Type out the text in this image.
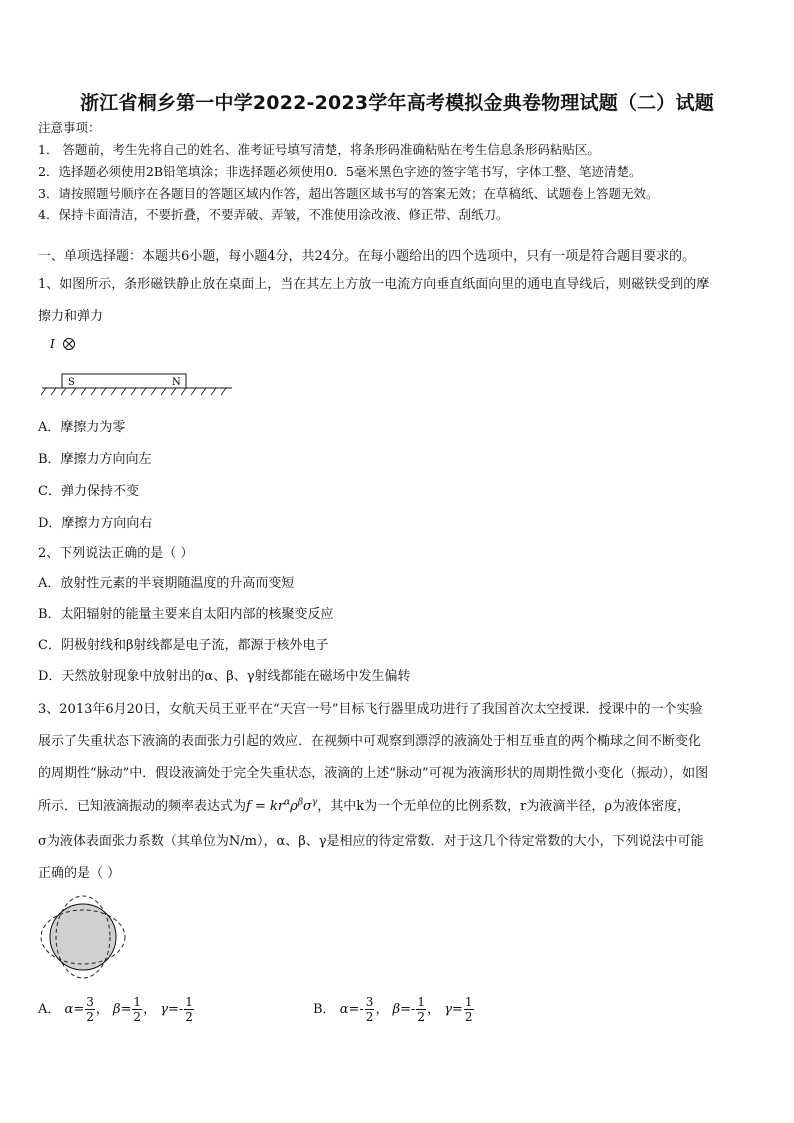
浙江省桐乡第一中学2022-2023学年高考模拟金典卷物理试题（二）试题
注意事项：
1． 答题前，考生先将自己的姓名、准考证号填写清楚，将条形码准确粘贴在考生信息条形码粘贴区。
2．选择题必须使用2B铅笔填涂；非选择题必须使用0．5毫米黑色字迹的签字笔书写，字体工整、笔迹清楚。
3．请按照题号顺序在各题目的答题区域内作答，超出答题区域书写的答案无效；在草稿纸、试题卷上答题无效。
4．保持卡面清洁，不要折叠，不要弄破、弄皱，不准使用涂改液、修正带、刮纸刀。
一、单项选择题：本题共6小题，每小题4分，共24分。在每小题给出的四个选项中，只有一项是符合题目要求的。
1、如图所示，条形磁铁静止放在桌面上，当在其左上方放一电流方向垂直纸面向里的通电直导线后，则磁铁受到的摩
擦力和弹力
I
S	N
A．摩擦力为零
B．摩擦力方向向左
C．弹力保持不变
D．摩擦力方向向右
2、下列说法正确的是（ ）
A．放射性元素的半衰期随温度的升高而变短
B．太阳辐射的能量主要来自太阳内部的核聚变反应
C．阴极射线和β射线都是电子流，都源于核外电子
D．天然放射现象中放射出的α、β、γ射线都能在磁场中发生偏转
3、2013年6月20日，女航天员王亚平在“天宫一号”目标飞行器里成功进行了我国首次太空授课．授课中的一个实验
展示了失重状态下液滴的表面张力引起的效应．在视频中可观察到漂浮的液滴处于相互垂直的两个椭球之间不断变化
的周期性“脉动”中．假设液滴处于完全失重状态，液滴的上述“脉动”可视为液滴形状的周期性微小变化（振动），如图
所示．已知液滴振动的频率表达式为$f = kr^\alpha\rho^\beta\sigma^\gamma$，其中k为一个无单位的比例系数，r为液滴半径，ρ为液体密度，
σ为液体表面张力系数（其单位为N/m），α、β、γ是相应的待定常数．对于这几个待定常数的大小，下列说法中可能
正确的是（ ）
A． $\alpha= \frac{3}{2}$ ， $\beta= \frac{1}{2}$ ， $\gamma=- \frac{1}{2}$	B． $\alpha=- \frac{3}{2}$ ， $\beta=- \frac{1}{2}$ ， $\gamma= \frac{1}{2}$
